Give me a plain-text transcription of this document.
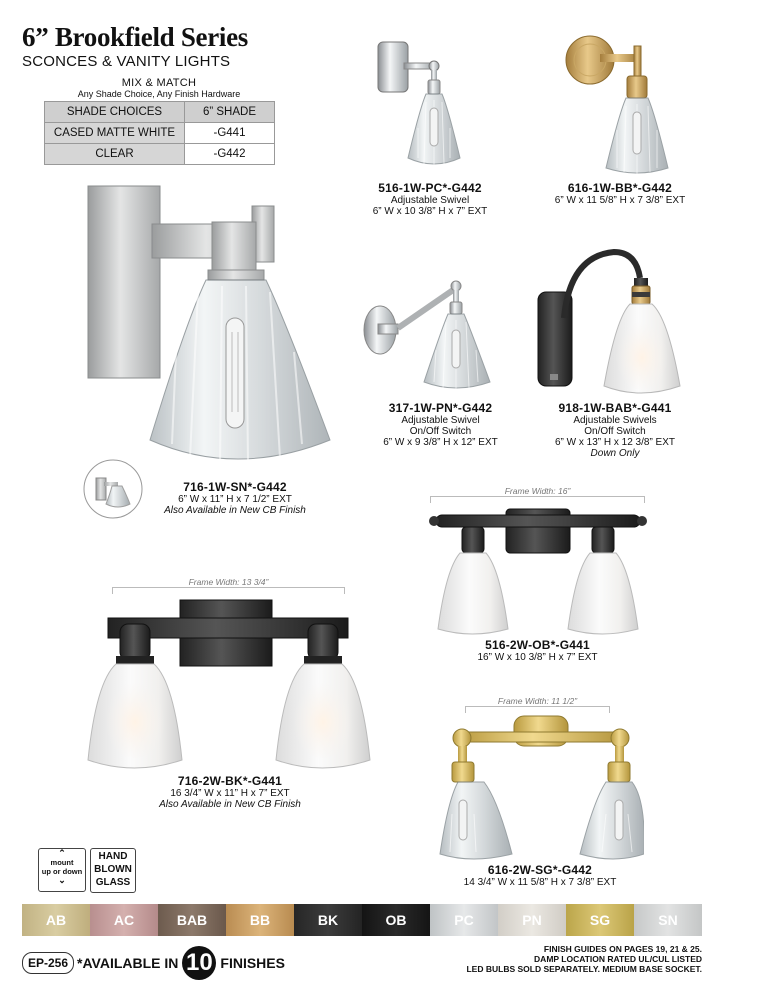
6” Brookfield Series
SCONCES & VANITY LIGHTS
MIX & MATCH
Any Shade Choice, Any Finish Hardware
SHADE CHOICES	6” SHADE
CASED MATTE WHITE	-G441
CLEAR	-G442
516-1W-PC*-G442
Adjustable Swivel
6” W x 10 3/8” H x 7” EXT
616-1W-BB*-G442
6” W x 11 5/8” H x 7 3/8” EXT
716-1W-SN*-G442
6” W x 11” H x 7 1/2” EXT
Also Available in New CB Finish
317-1W-PN*-G442
Adjustable Swivel
On/Off Switch
6” W x 9 3/8” H x 12” EXT
918-1W-BAB*-G441
Adjustable Swivels
On/Off Switch
6” W x 13” H x 12 3/8” EXT
Down Only
Frame Width: 16”
516-2W-OB*-G441
16” W x 10 3/8” H x 7” EXT
Frame Width: 13 3/4”
716-2W-BK*-G441
16 3/4” W x 11” H x 7” EXT
Also Available in New CB Finish
Frame Width: 11 1/2”
616-2W-SG*-G442
14 3/4” W x 11 5/8” H x 7 3/8” EXT
⌃
mount
up or down
⌄
HAND
BLOWN
GLASS
AB	AC	BAB	BB	BK	OB	PC	PN	SG	SN
EP-256 *AVAILABLE IN 10 FINISHES
FINISH GUIDES ON PAGES 19, 21 & 25.
DAMP LOCATION RATED UL/CUL LISTED
LED BULBS SOLD SEPARATELY. MEDIUM BASE SOCKET.
